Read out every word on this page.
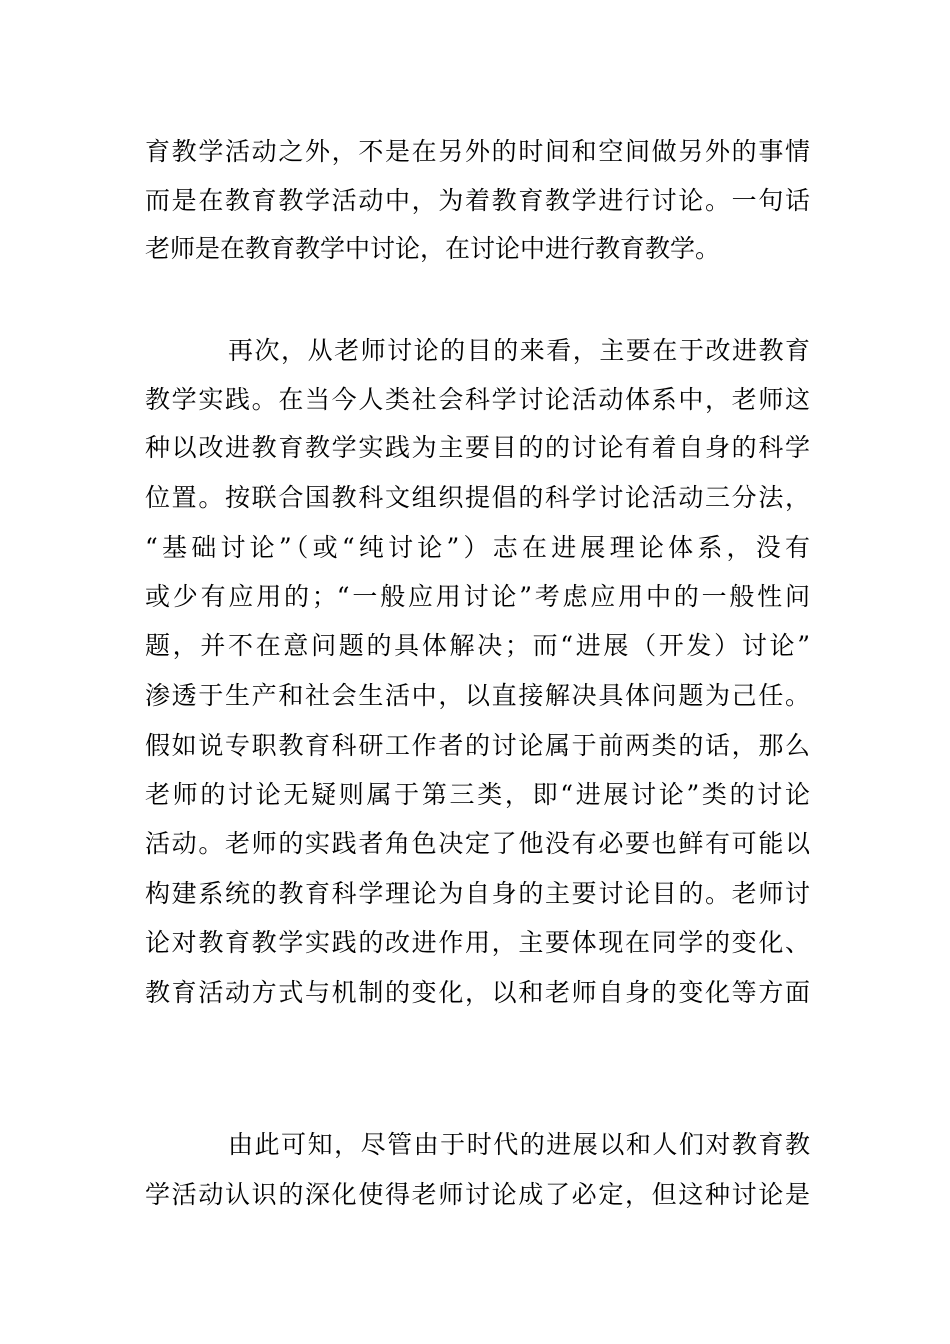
育教学活动之外，不是在另外的时间和空间做另外的事情
而是在教育教学活动中，为着教育教学进行讨论。一句话
老师是在教育教学中讨论，在讨论中进行教育教学。
再次，从老师讨论的目的来看，主要在于改进教育
教学实践。在当今人类社会科学讨论活动体系中，老师这
种以改进教育教学实践为主要目的的讨论有着自身的科学
位置。按联合国教科文组织提倡的科学讨论活动三分法，
“基础讨论”（或“纯讨论”）志在进展理论体系，没有
或少有应用的；“一般应用讨论”考虑应用中的一般性问
题，并不在意问题的具体解决；而“进展（开发）讨论”
渗透于生产和社会生活中，以直接解决具体问题为己任。
假如说专职教育科研工作者的讨论属于前两类的话，那么
老师的讨论无疑则属于第三类，即“进展讨论”类的讨论
活动。老师的实践者角色决定了他没有必要也鲜有可能以
构建系统的教育科学理论为自身的主要讨论目的。老师讨
论对教育教学实践的改进作用，主要体现在同学的变化、
教育活动方式与机制的变化，以和老师自身的变化等方面
由此可知，尽管由于时代的进展以和人们对教育教
学活动认识的深化使得老师讨论成了必定，但这种讨论是
